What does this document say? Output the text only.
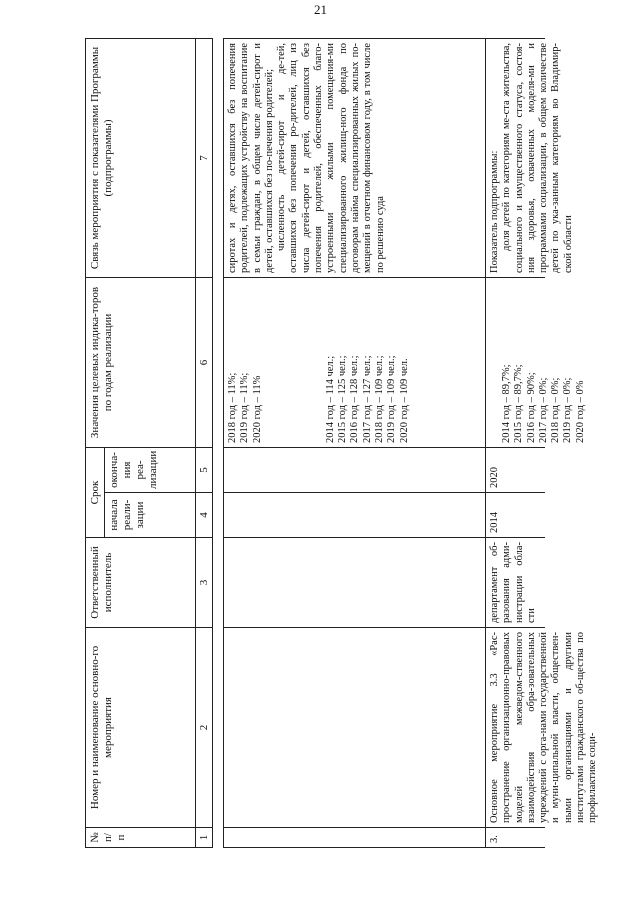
21
№ п/п
Номер и наименование основно-го мероприятия
Ответственный исполнитель
Срок
начала реали-зации
оконча-ния реа-лизации
Значения целевых индика-торов по годам реализации
Связь мероприятия с показателями Программы (подпрограммы)
1
2
3
4
5
6
7
2018 год – 11%; 2019 год – 11%; 2020 год – 11%	2014 год – 114 чел.; 2015 год – 125 чел.; 2016 год – 128 чел.; 2017 год – 127 чел.; 2018 год – 109 чел.; 2019 год – 109 чел.; 2020 год – 109 чел.
сиротах и детях, оставшихся без попечения родителей, подлежащих устройству на воспитание в семьи граждан, в общем числе детей-сирот и детей, оставшихся без по-печения родителей; численность детей-сирот и де-тей, оставшихся без попечения ро-дителей, лиц из числа детей-сирот и детей, оставшихся без попечения родителей, обеспеченных благо-устроенными жилыми помещения-ми специализированного жилищ-ного фонда по договорам найма специализированных жилых по-мещений в отчетном финансовом году, в том числе по решению суда
3.
Основное мероприятие 3.3 «Рас-пространение организационно-правовых моделей межведом-ственного взаимодействия обра-зовательных учреждений с орга-нами государственной и муни-ципальной власти, обществен-ными организациями и другими институтами гражданского об-щества по профилактике соци-
департамент об-разования адми-нистрации обла-сти
2014
2020
2014 год – 89,7%; 2015 год – 89,7%; 2016 год – 90%; 2017 год – 0%; 2018 год – 0%; 2019 год – 0%; 2020 год – 0%
Показатель подпрограммы: доля детей по категориям ме-ста жительства, социального и имущественного статуса, состоя-ния здоровья, охваченных моделя-ми и программами социализации, в общем количестве детей по ука-занным категориям во Владимир-ской области
